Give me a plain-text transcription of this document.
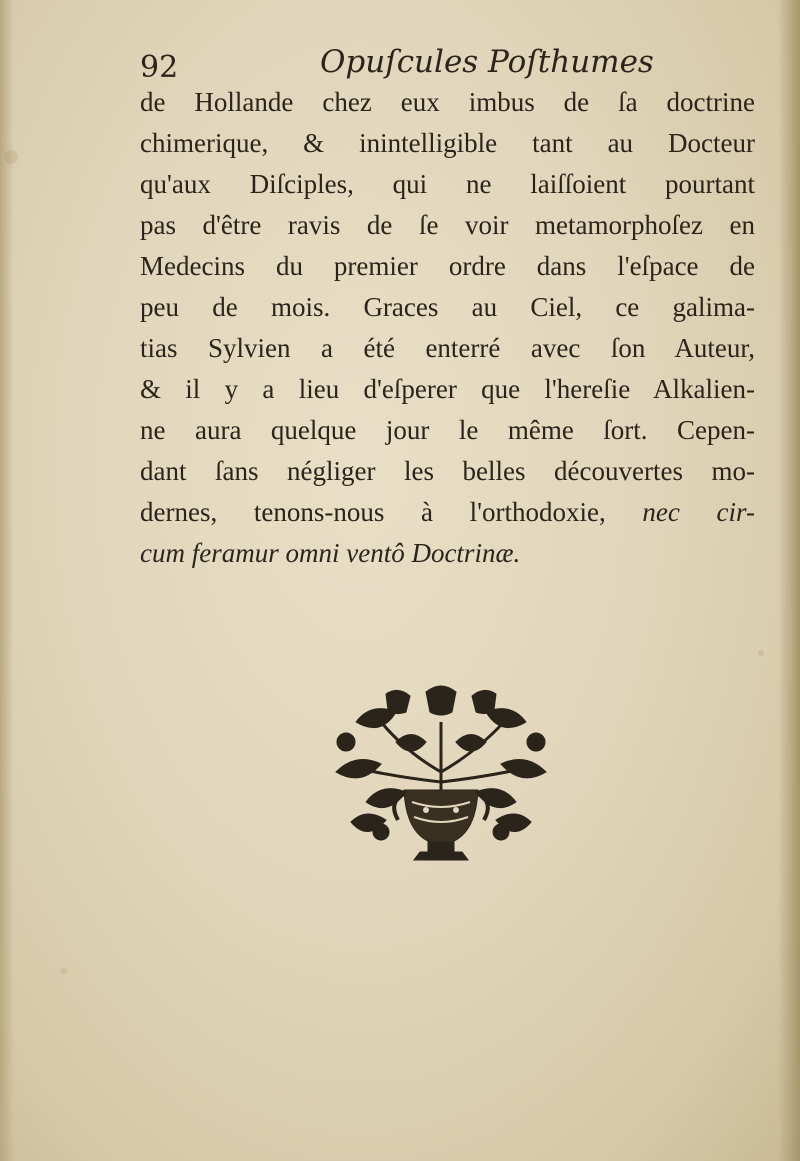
92	Opuſcules Poſthumes
de Hollande chez eux imbus de ſa doctrine
chimerique, & inintelligible tant au Docteur
qu'aux Diſciples, qui ne laiſſoient pourtant
pas d'être ravis de ſe voir metamorphoſez en
Medecins du premier ordre dans l'eſpace de
peu de mois. Graces au Ciel, ce galima-
tias Sylvien a été enterré avec ſon Auteur,
& il y a lieu d'eſperer que l'hereſie Alkalien-
ne aura quelque jour le même ſort. Cepen-
dant ſans négliger les belles découvertes mo-
dernes, tenons-nous à l'orthodoxie, nec cir-
cum feramur omni ventô Doctrinæ.
